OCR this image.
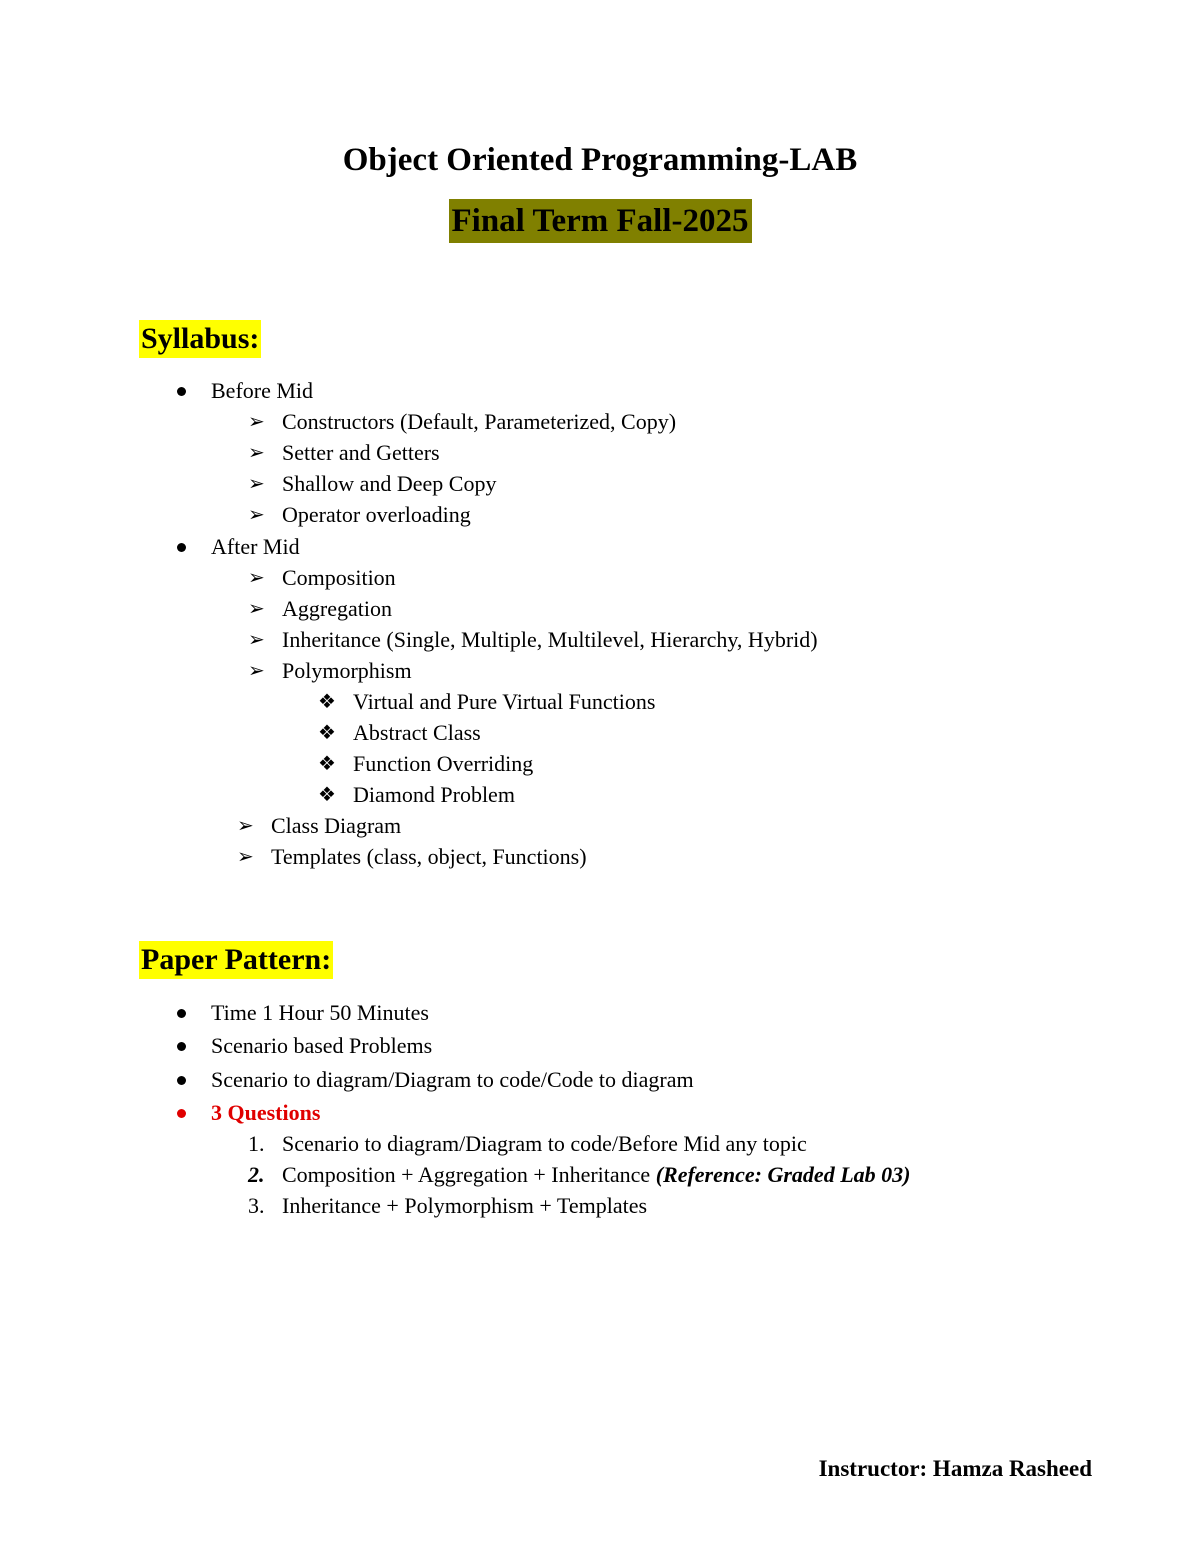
Object Oriented Programming-LAB
Final Term Fall-2025
Syllabus:
Before Mid
➢ Constructors (Default, Parameterized, Copy)
➢ Setter and Getters
➢ Shallow and Deep Copy
➢ Operator overloading
After Mid
➢ Composition
➢ Aggregation
➢ Inheritance (Single, Multiple, Multilevel, Hierarchy, Hybrid)
➢ Polymorphism
❖ Virtual and Pure Virtual Functions
❖ Abstract Class
❖ Function Overriding
❖ Diamond Problem
➢ Class Diagram
➢ Templates (class, object, Functions)
Paper Pattern:
Time 1 Hour 50 Minutes
Scenario based Problems
Scenario to diagram/Diagram to code/Code to diagram
3 Questions
1. Scenario to diagram/Diagram to code/Before Mid any topic
2. Composition + Aggregation + Inheritance (Reference: Graded Lab 03)
3. Inheritance + Polymorphism + Templates
Instructor: Hamza Rasheed
